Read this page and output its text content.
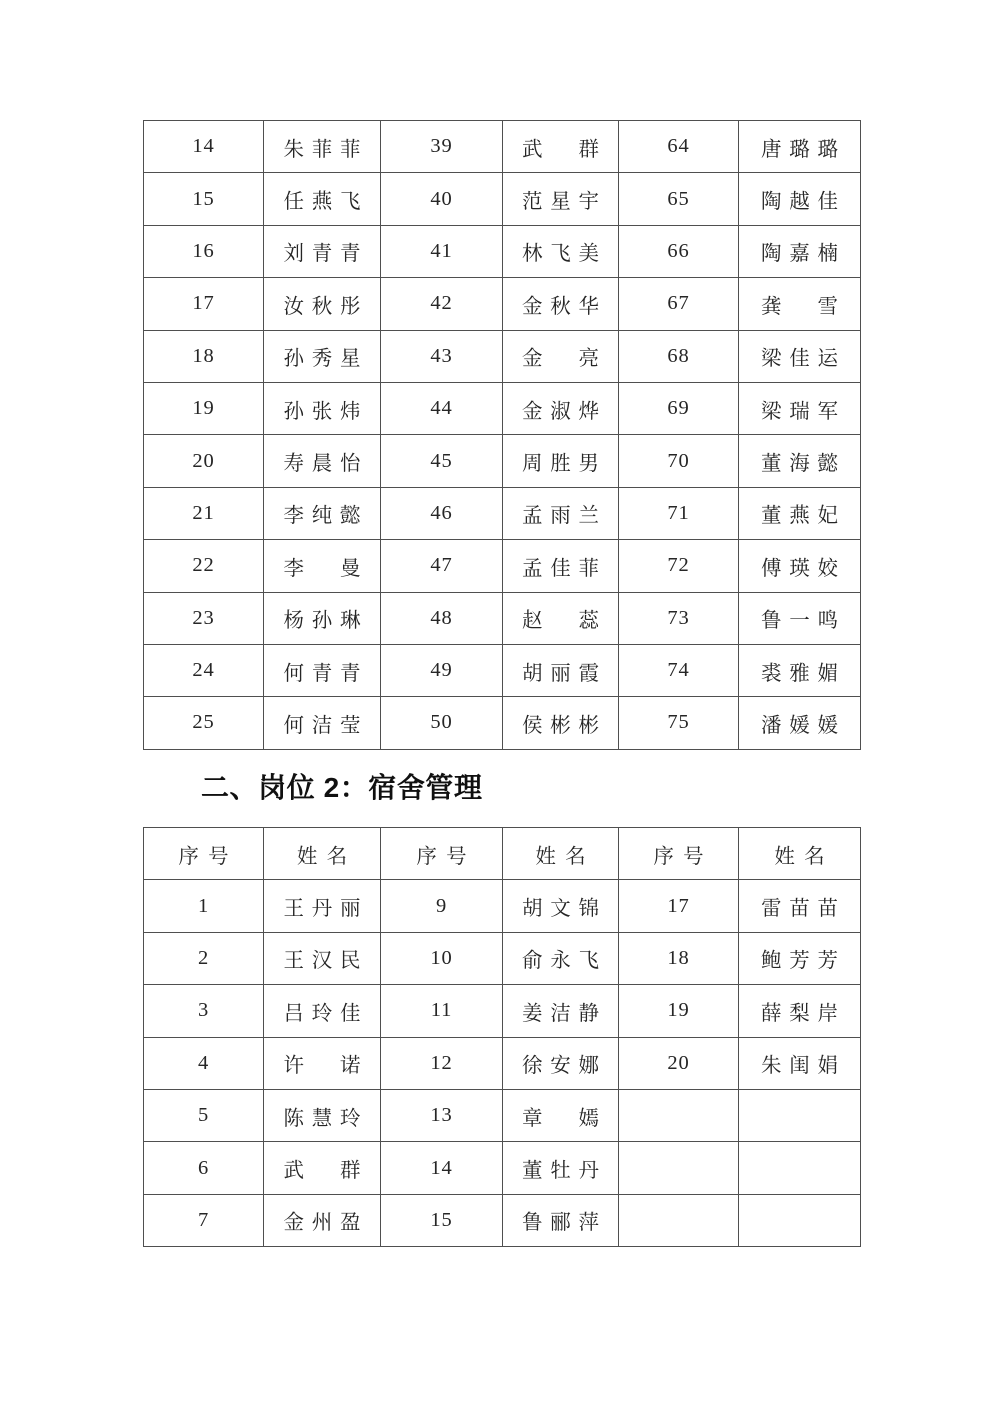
14	朱菲菲	39	武　群	64	唐璐璐
15	任燕飞	40	范星宇	65	陶越佳
16	刘青青	41	林飞美	66	陶嘉楠
17	汝秋彤	42	金秋华	67	龚　雪
18	孙秀星	43	金　亮	68	梁佳运
19	孙张炜	44	金淑烨	69	梁瑞军
20	寿晨怡	45	周胜男	70	董海懿
21	李纯懿	46	孟雨兰	71	董燕妃
22	李　曼	47	孟佳菲	72	傅瑛姣
23	杨孙琳	48	赵　蕊	73	鲁一鸣
24	何青青	49	胡丽霞	74	裘雅媚
25	何洁莹	50	侯彬彬	75	潘媛媛
二、岗位 2：宿舍管理
序号	姓名	序号	姓名	序号	姓名
1	王丹丽	9	胡文锦	17	雷苗苗
2	王汉民	10	俞永飞	18	鲍芳芳
3	吕玲佳	11	姜洁静	19	薛梨岸
4	许　诺	12	徐安娜	20	朱闺娟
5	陈慧玲	13	章　嫣		
6	武　群	14	董牡丹		
7	金州盈	15	鲁郦萍		
